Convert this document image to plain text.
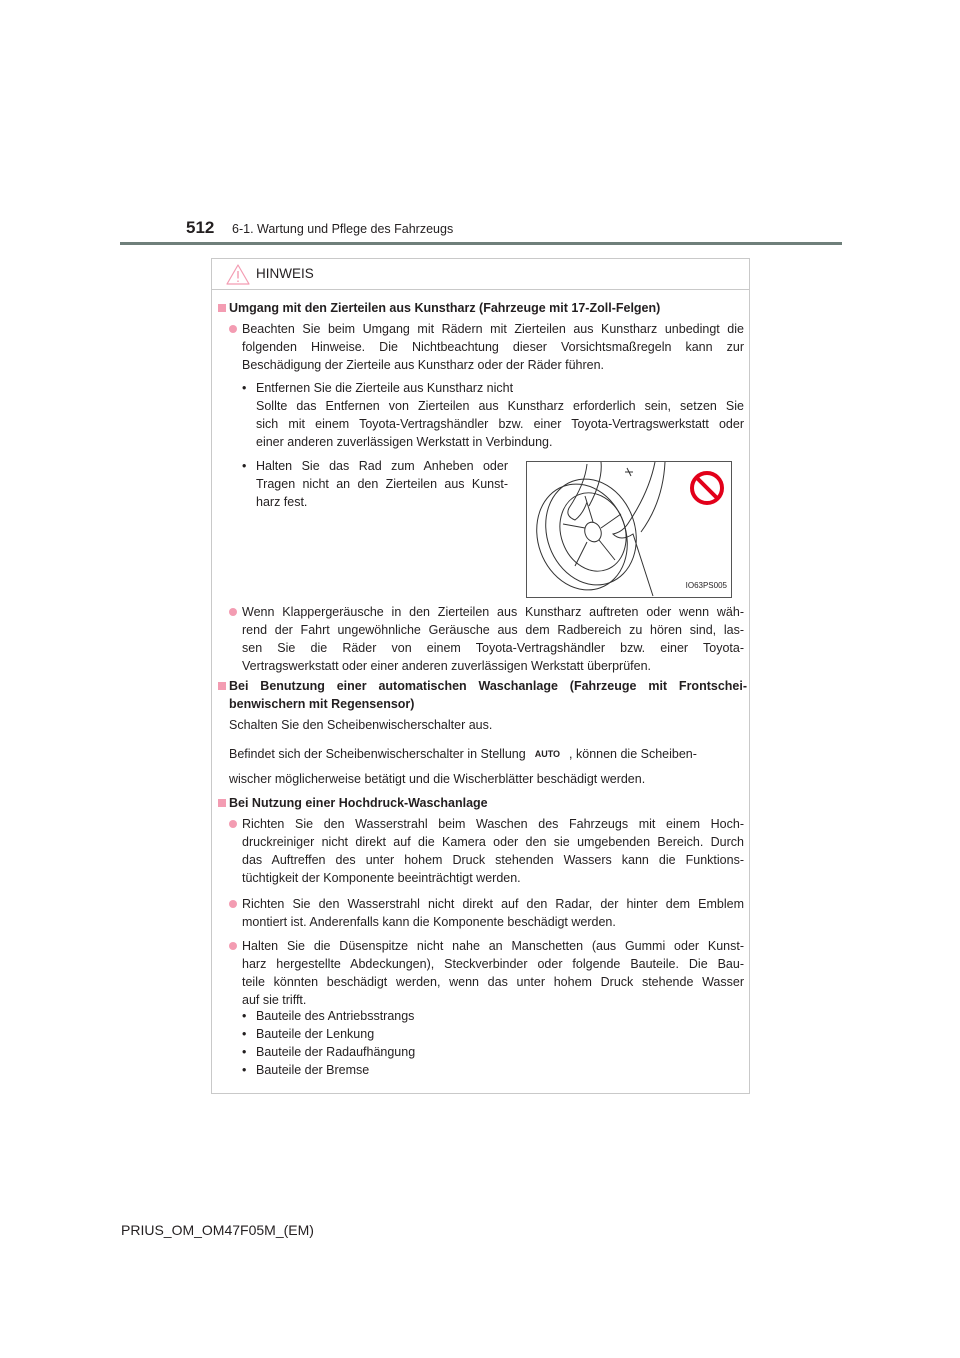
512 6-1. Wartung und Pflege des Fahrzeugs
HINWEIS
Umgang mit den Zierteilen aus Kunstharz (Fahrzeuge mit 17-Zoll-Felgen)
Beachten Sie beim Umgang mit Rädern mit Zierteilen aus Kunstharz unbedingt die
folgenden Hinweise. Die Nichtbeachtung dieser Vorsichtsmaßregeln kann zur
Beschädigung der Zierteile aus Kunstharz oder der Räder führen.
• Entfernen Sie die Zierteile aus Kunstharz nicht
Sollte das Entfernen von Zierteilen aus Kunstharz erforderlich sein, setzen Sie
sich mit einem Toyota-Vertragshändler bzw. einer Toyota-Vertragswerkstatt oder
einer anderen zuverlässigen Werkstatt in Verbindung.
• Halten Sie das Rad zum Anheben oder
Tragen nicht an den Zierteilen aus Kunst-
harz fest.
IO63PS005
Wenn Klappergeräusche in den Zierteilen aus Kunstharz auftreten oder wenn wäh-
rend der Fahrt ungewöhnliche Geräusche aus dem Radbereich zu hören sind, las-
sen Sie die Räder von einem Toyota-Vertragshändler bzw. einer Toyota-
Vertragswerkstatt oder einer anderen zuverlässigen Werkstatt überprüfen.
Bei Benutzung einer automatischen Waschanlage (Fahrzeuge mit Frontschei-
benwischern mit Regensensor)
Schalten Sie den Scheibenwischerschalter aus.
Befindet sich der Scheibenwischerschalter in Stellung AUTO , können die Scheiben-
wischer möglicherweise betätigt und die Wischerblätter beschädigt werden.
Bei Nutzung einer Hochdruck-Waschanlage
Richten Sie den Wasserstrahl beim Waschen des Fahrzeugs mit einem Hoch-
druckreiniger nicht direkt auf die Kamera oder den sie umgebenden Bereich. Durch
das Auftreffen des unter hohem Druck stehenden Wassers kann die Funktions-
tüchtigkeit der Komponente beeinträchtigt werden.
Richten Sie den Wasserstrahl nicht direkt auf den Radar, der hinter dem Emblem
montiert ist. Anderenfalls kann die Komponente beschädigt werden.
Halten Sie die Düsenspitze nicht nahe an Manschetten (aus Gummi oder Kunst-
harz hergestellte Abdeckungen), Steckverbinder oder folgende Bauteile. Die Bau-
teile könnten beschädigt werden, wenn das unter hohem Druck stehende Wasser
auf sie trifft.
• Bauteile des Antriebsstrangs
• Bauteile der Lenkung
• Bauteile der Radaufhängung
• Bauteile der Bremse
PRIUS_OM_OM47F05M_(EM)
